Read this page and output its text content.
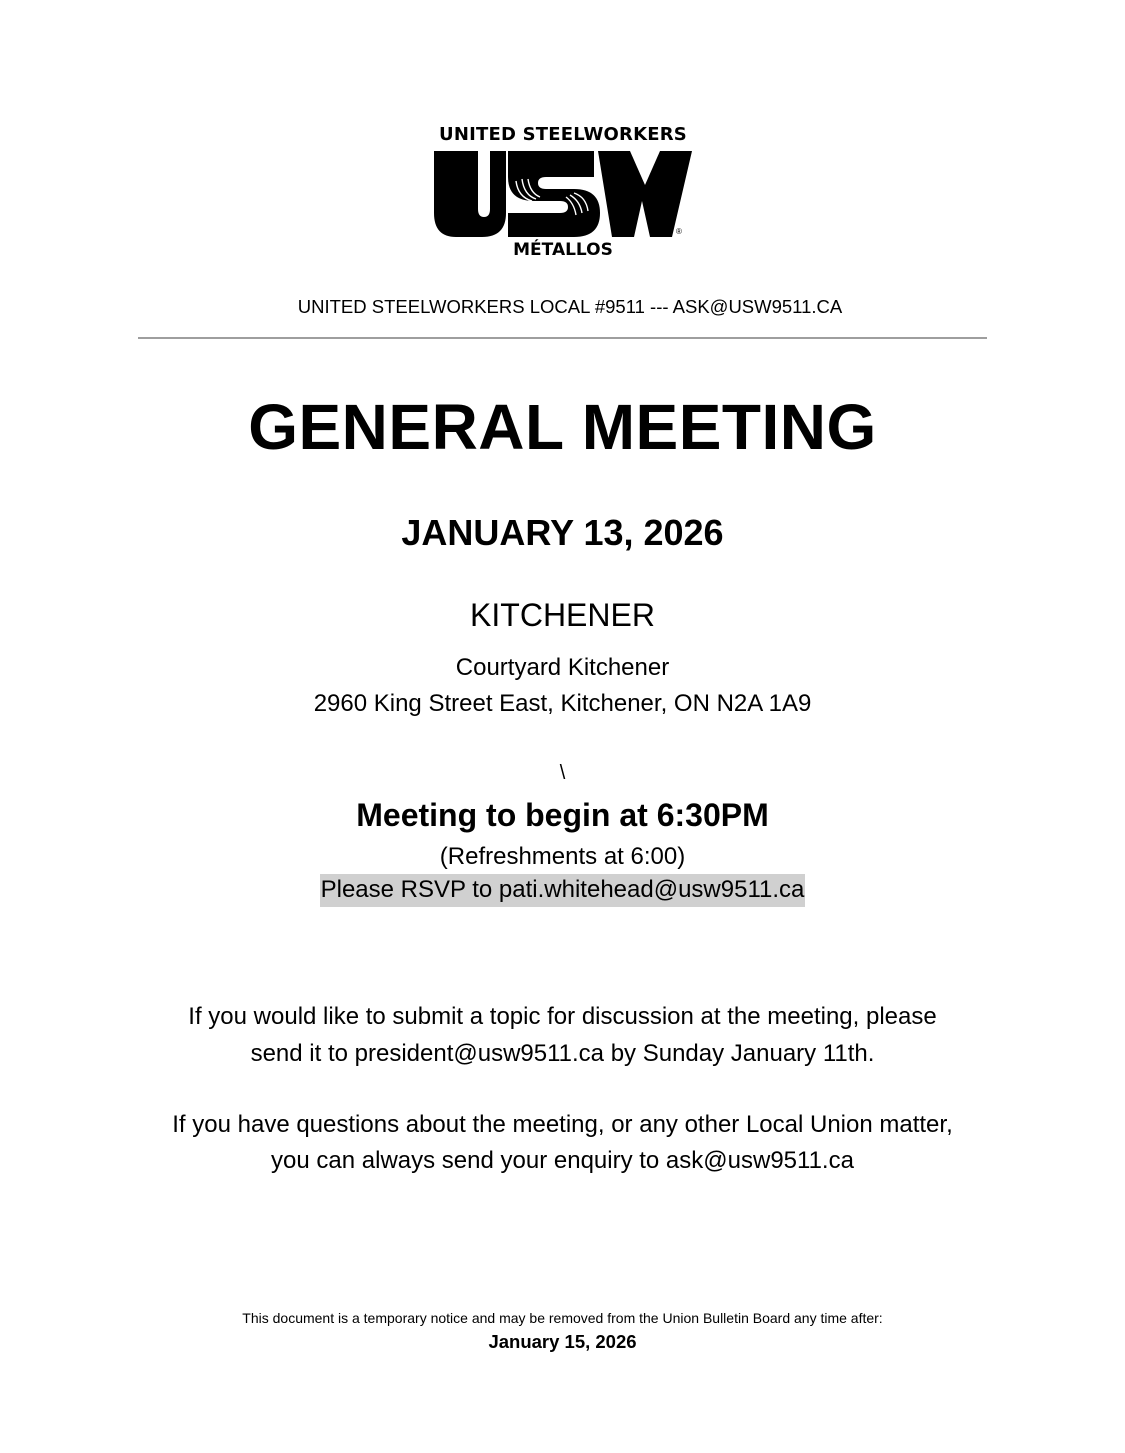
UNITED STEELWORKERS
®
MÉTALLOS
UNITED STEELWORKERS LOCAL #9511 --- ASK@USW9511.CA
GENERAL MEETING
JANUARY 13, 2026
KITCHENER
Courtyard Kitchener
2960 King Street East, Kitchener, ON N2A 1A9
\
Meeting to begin at 6:30PM
(Refreshments at 6:00)
Please RSVP to pati.whitehead@usw9511.ca
If you would like to submit a topic for discussion at the meeting, please
send it to president@usw9511.ca by Sunday January 11th.
If you have questions about the meeting, or any other Local Union matter,
you can always send your enquiry to ask@usw9511.ca
This document is a temporary notice and may be removed from the Union Bulletin Board any time after:
January 15, 2026
